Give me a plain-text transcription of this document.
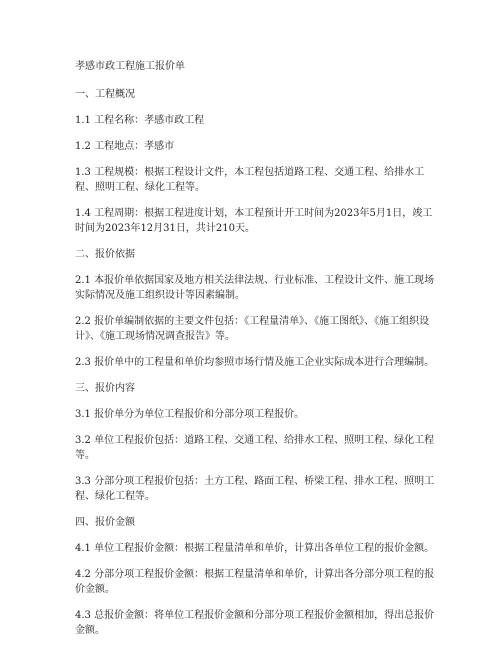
孝感市政工程施工报价单

一、工程概况

1.1 工程名称：孝感市政工程

1.2 工程地点：孝感市

1.3 工程规模：根据工程设计文件，本工程包括道路工程、交通工程、给排水工程、照明工程、绿化工程等。

1.4 工程周期：根据工程进度计划，本工程预计开工时间为2023年5月1日，竣工时间为2023年12月31日，共计210天。

二、报价依据

2.1 本报价单依据国家及地方相关法律法规、行业标准、工程设计文件、施工现场实际情况及施工组织设计等因素编制。

2.2 报价单编制依据的主要文件包括：《工程量清单》、《施工图纸》、《施工组织设计》、《施工现场情况调查报告》等。

2.3 报价单中的工程量和单价均参照市场行情及施工企业实际成本进行合理编制。

三、报价内容

3.1 报价单分为单位工程报价和分部分项工程报价。

3.2 单位工程报价包括：道路工程、交通工程、给排水工程、照明工程、绿化工程等。

3.3 分部分项工程报价包括：土方工程、路面工程、桥梁工程、排水工程、照明工程、绿化工程等。

四、报价金额

4.1 单位工程报价金额：根据工程量清单和单价，计算出各单位工程的报价金额。

4.2 分部分项工程报价金额：根据工程量清单和单价，计算出各分部分项工程的报价金额。

4.3 总报价金额：将单位工程报价金额和分部分项工程报价金额相加，得出总报价金额。
